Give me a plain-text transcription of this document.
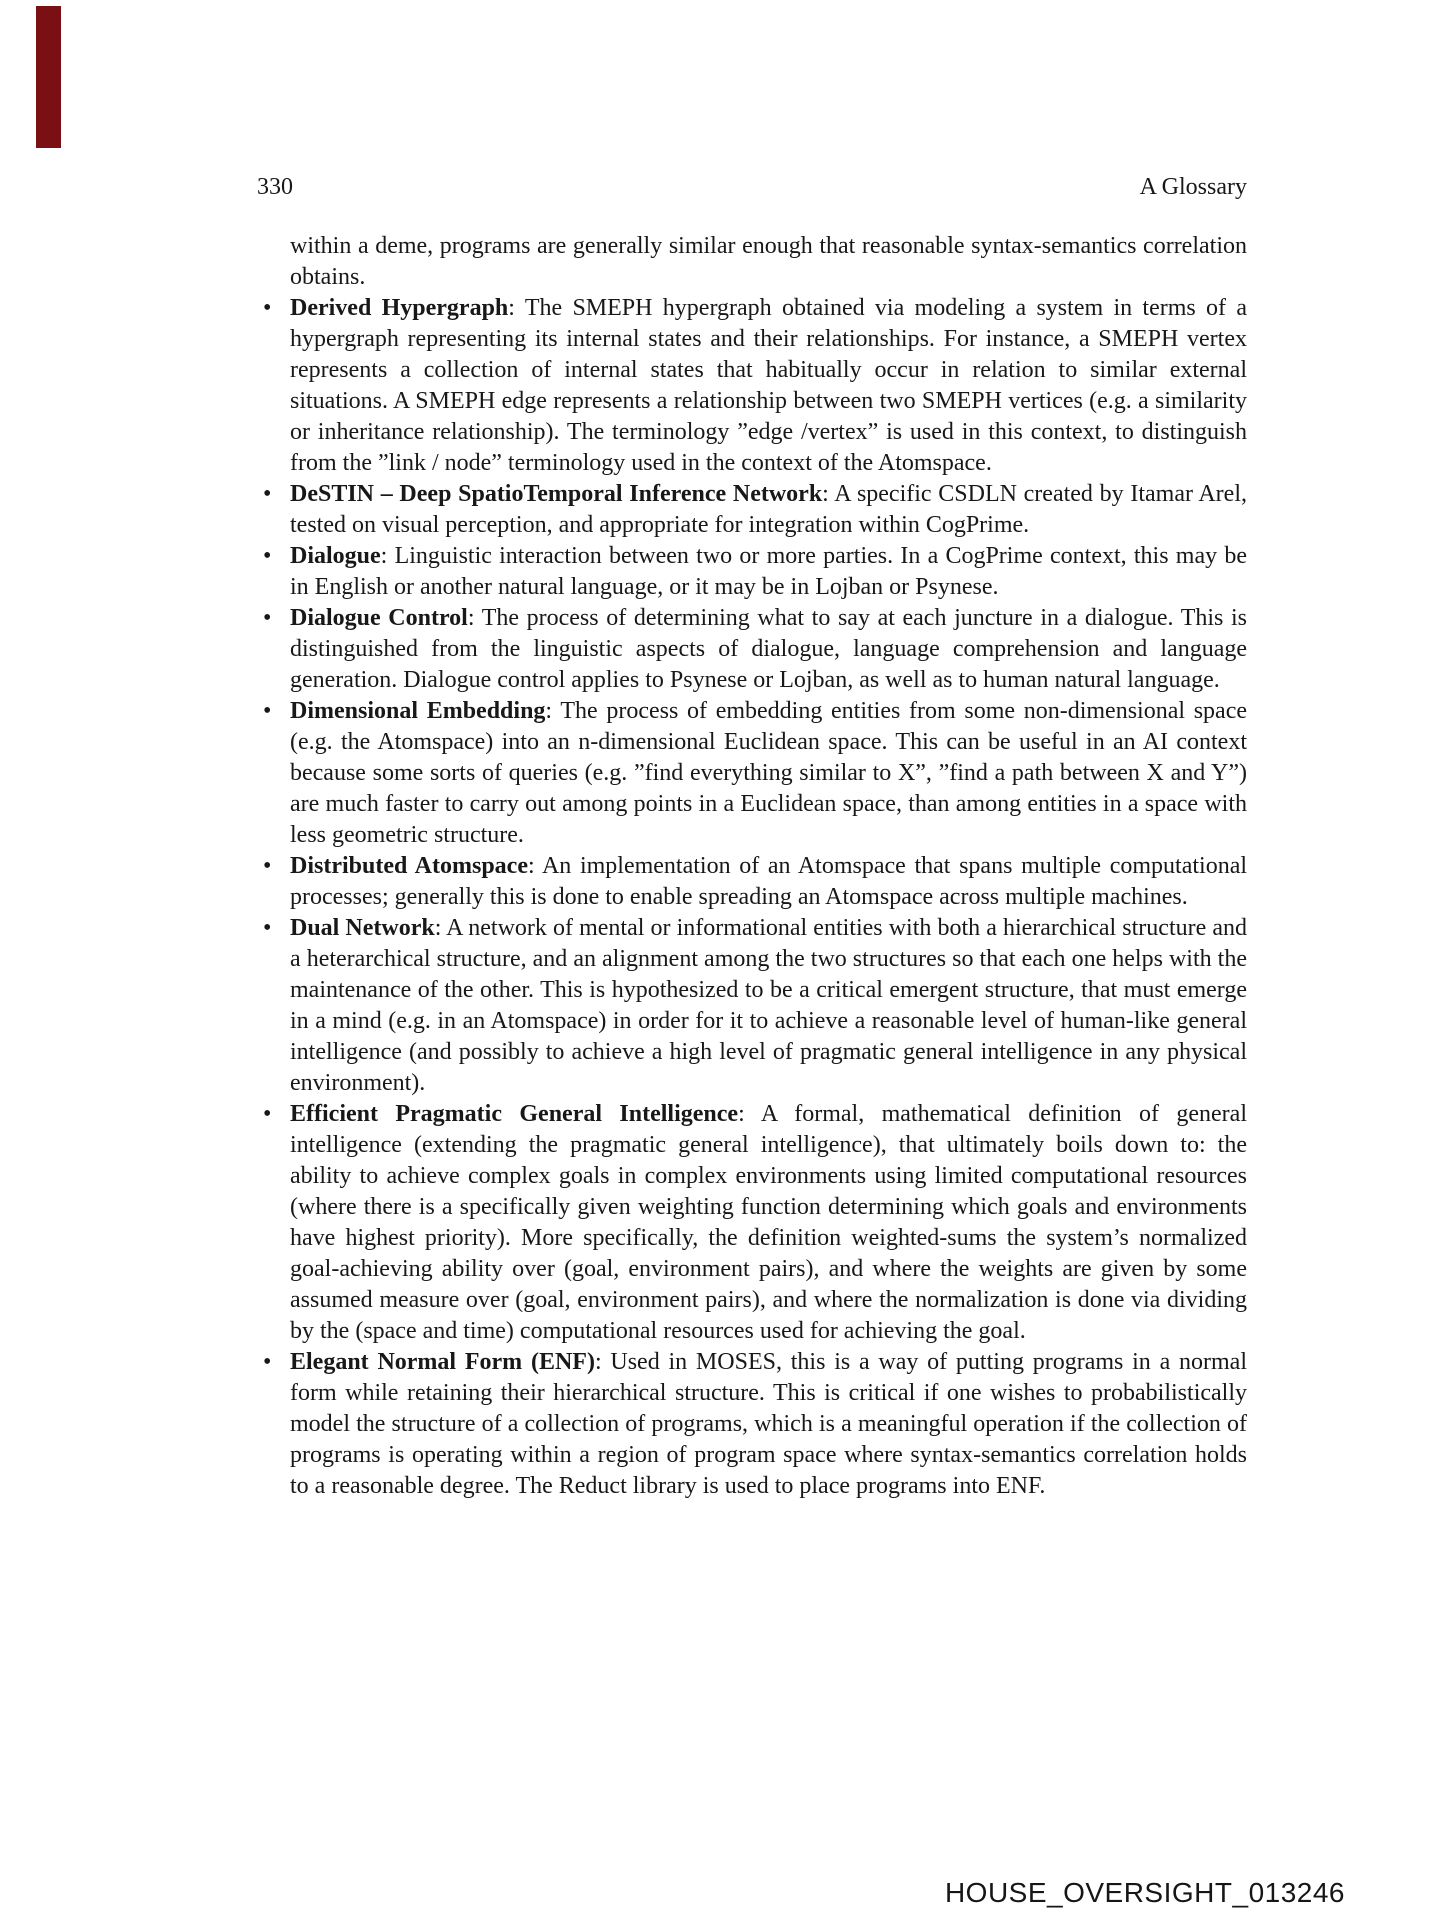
330	A Glossary

within a deme, programs are generally similar enough that reasonable syntax-semantics correlation obtains.

• Derived Hypergraph: The SMEPH hypergraph obtained via modeling a system in terms of a hypergraph representing its internal states and their relationships. For instance, a SMEPH vertex represents a collection of internal states that habitually occur in relation to similar external situations. A SMEPH edge represents a relationship between two SMEPH vertices (e.g. a similarity or inheritance relationship). The terminology ”edge /vertex” is used in this context, to distinguish from the ”link / node” terminology used in the context of the Atomspace.
• DeSTIN – Deep SpatioTemporal Inference Network: A specific CSDLN created by Itamar Arel, tested on visual perception, and appropriate for integration within CogPrime.
• Dialogue: Linguistic interaction between two or more parties. In a CogPrime context, this may be in English or another natural language, or it may be in Lojban or Psynese.
• Dialogue Control: The process of determining what to say at each juncture in a dialogue. This is distinguished from the linguistic aspects of dialogue, language comprehension and language generation. Dialogue control applies to Psynese or Lojban, as well as to human natural language.
• Dimensional Embedding: The process of embedding entities from some non-dimensional space (e.g. the Atomspace) into an n-dimensional Euclidean space. This can be useful in an AI context because some sorts of queries (e.g. ”find everything similar to X”, ”find a path between X and Y”) are much faster to carry out among points in a Euclidean space, than among entities in a space with less geometric structure.
• Distributed Atomspace: An implementation of an Atomspace that spans multiple computational processes; generally this is done to enable spreading an Atomspace across multiple machines.
• Dual Network: A network of mental or informational entities with both a hierarchical structure and a heterarchical structure, and an alignment among the two structures so that each one helps with the maintenance of the other. This is hypothesized to be a critical emergent structure, that must emerge in a mind (e.g. in an Atomspace) in order for it to achieve a reasonable level of human-like general intelligence (and possibly to achieve a high level of pragmatic general intelligence in any physical environment).
• Efficient Pragmatic General Intelligence: A formal, mathematical definition of general intelligence (extending the pragmatic general intelligence), that ultimately boils down to: the ability to achieve complex goals in complex environments using limited computational resources (where there is a specifically given weighting function determining which goals and environments have highest priority). More specifically, the definition weighted-sums the system’s normalized goal-achieving ability over (goal, environment pairs), and where the weights are given by some assumed measure over (goal, environment pairs), and where the normalization is done via dividing by the (space and time) computational resources used for achieving the goal.
• Elegant Normal Form (ENF): Used in MOSES, this is a way of putting programs in a normal form while retaining their hierarchical structure. This is critical if one wishes to probabilistically model the structure of a collection of programs, which is a meaningful operation if the collection of programs is operating within a region of program space where syntax-semantics correlation holds to a reasonable degree. The Reduct library is used to place programs into ENF.
HOUSE_OVERSIGHT_013246
